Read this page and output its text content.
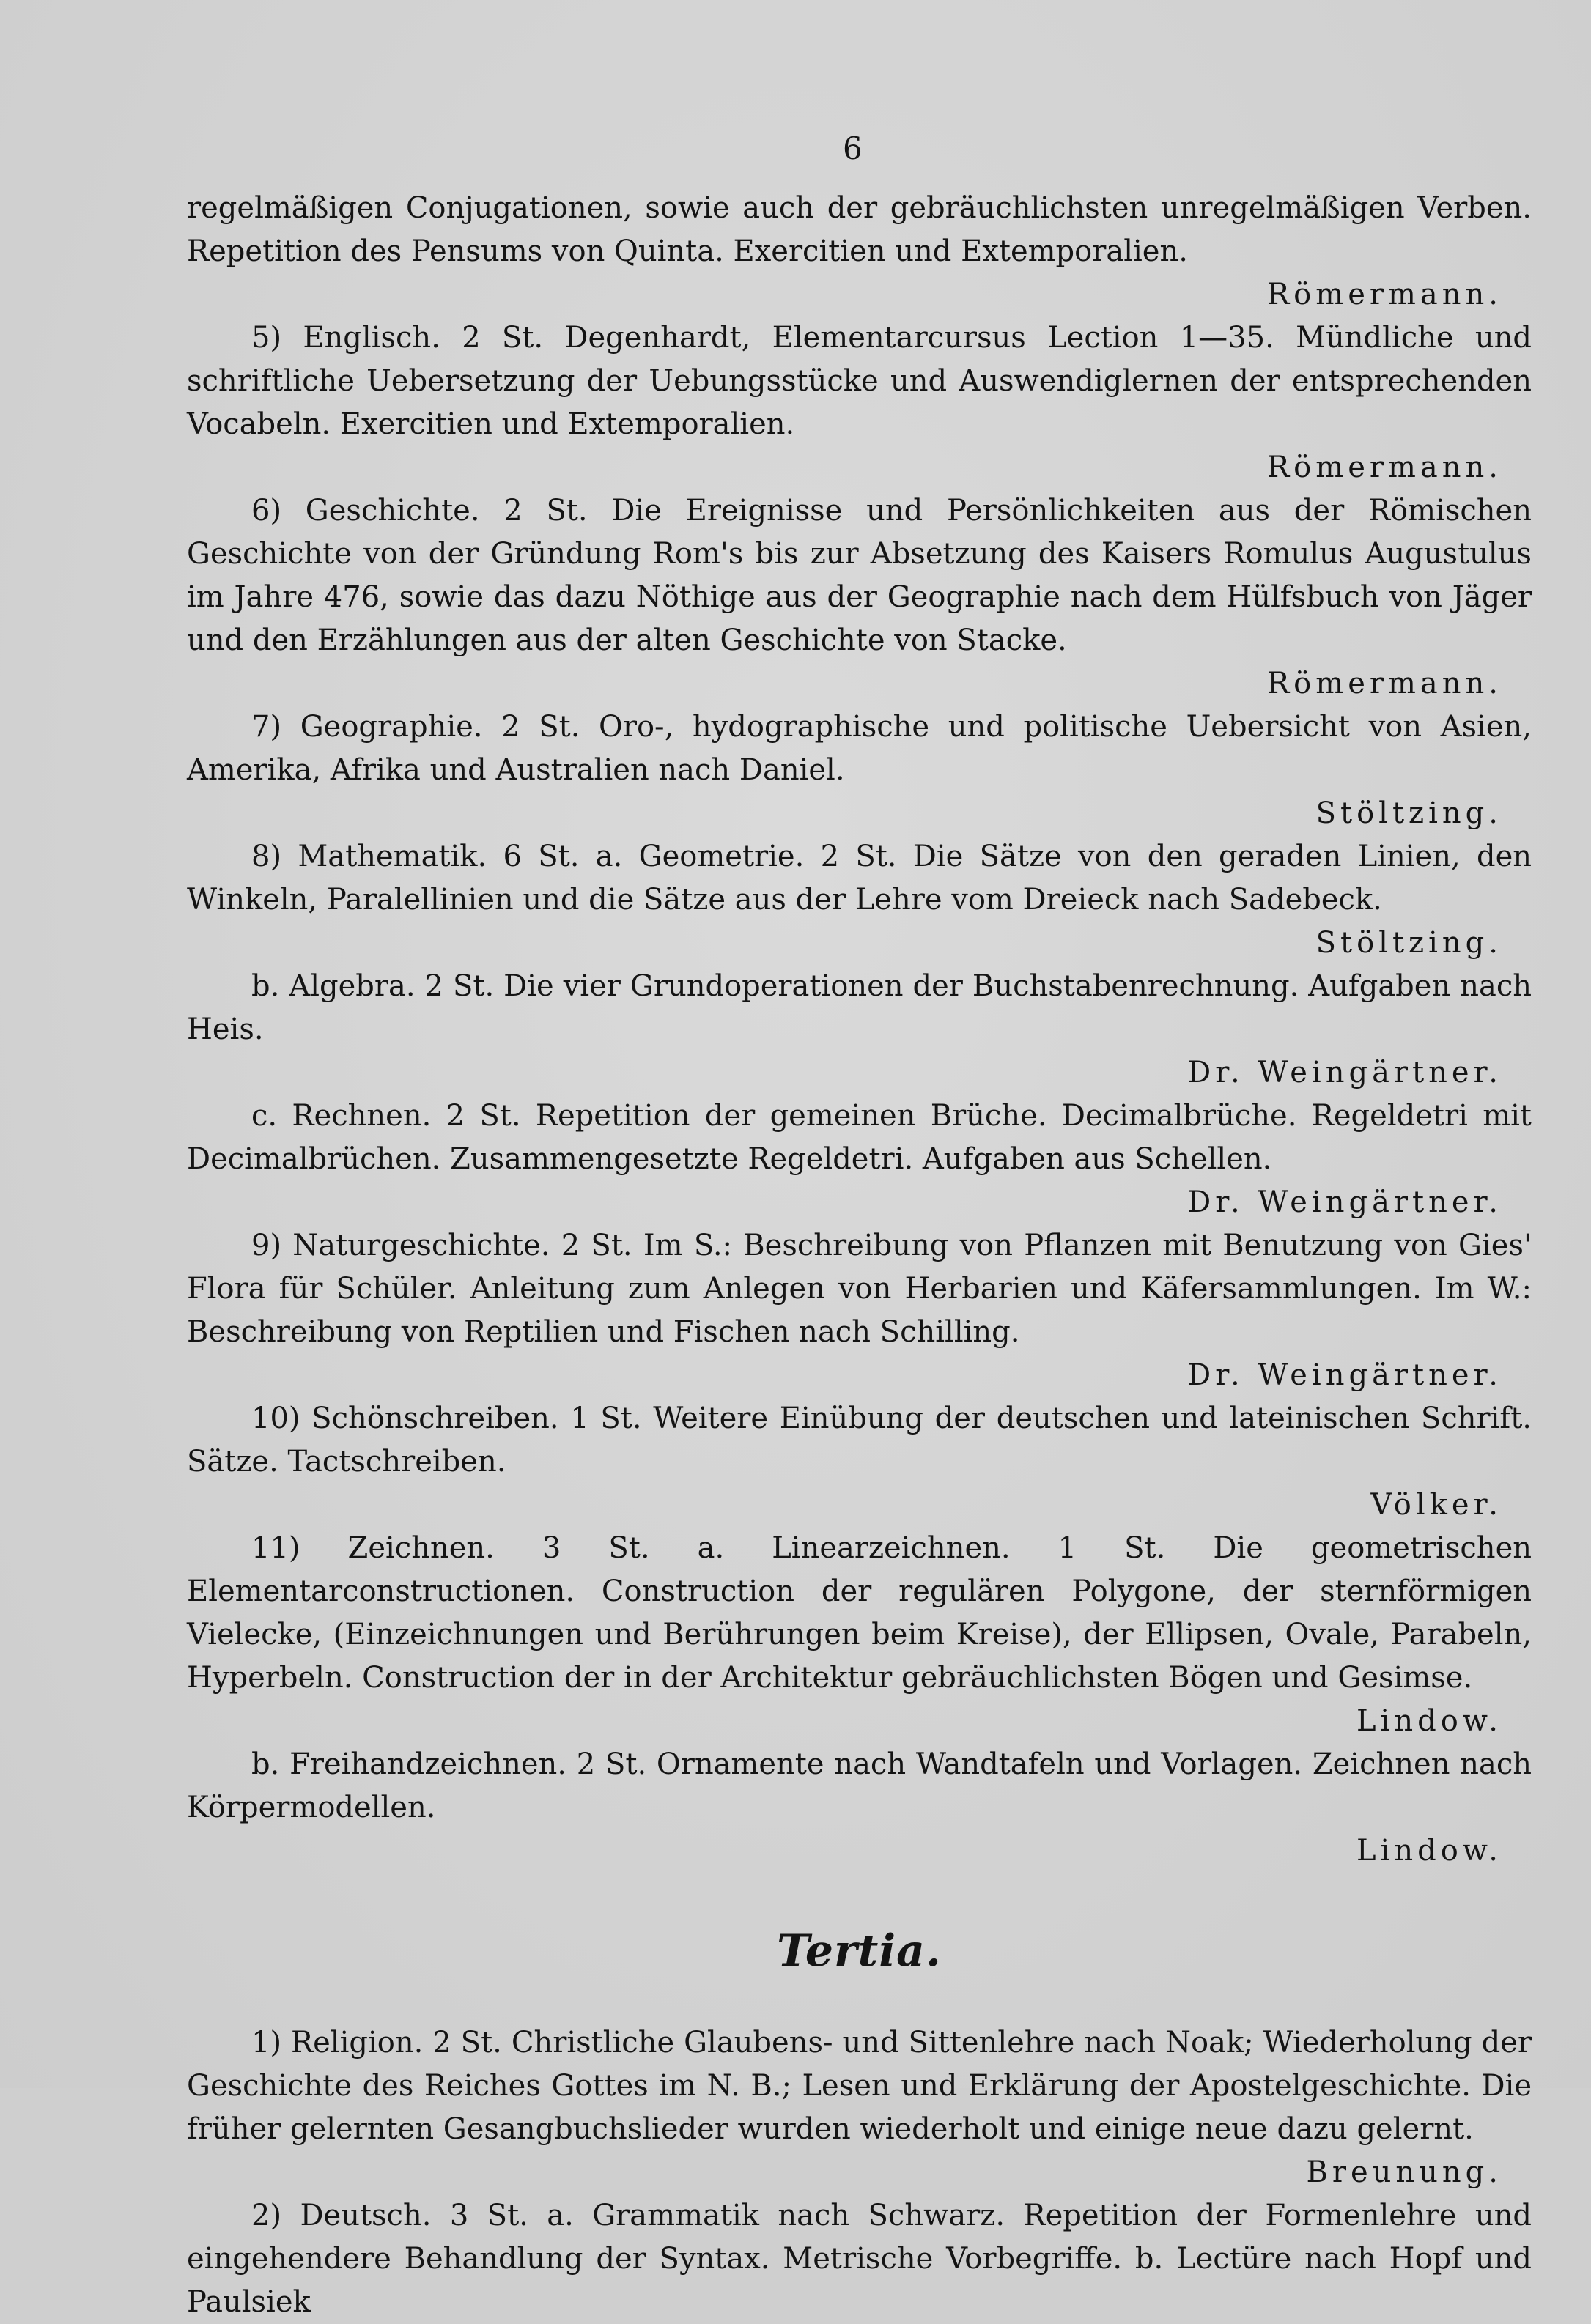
6

regelmäßigen Conjugationen, sowie auch der gebräuchlichsten unregelmäßigen Verben. Repetition des Pensums von Quinta. Exercitien und Extemporalien.
Römermann.

5) Englisch. 2 St. Degenhardt, Elementarcursus Lection 1—35. Mündliche und schriftliche Uebersetzung der Uebungsstücke und Auswendiglernen der entsprechenden Vocabeln. Exercitien und Extemporalien.
Römermann.

6) Geschichte. 2 St. Die Ereignisse und Persönlichkeiten aus der Römischen Geschichte von der Gründung Rom's bis zur Absetzung des Kaisers Romulus Augustulus im Jahre 476, sowie das dazu Nöthige aus der Geographie nach dem Hülfsbuch von Jäger und den Erzählungen aus der alten Geschichte von Stacke.
Römermann.

7) Geographie. 2 St. Oro-, hydographische und politische Uebersicht von Asien, Amerika, Afrika und Australien nach Daniel.
Stöltzing.

8) Mathematik. 6 St. a. Geometrie. 2 St. Die Sätze von den geraden Linien, den Winkeln, Paralellinien und die Sätze aus der Lehre vom Dreieck nach Sadebeck.
Stöltzing.

b. Algebra. 2 St. Die vier Grundoperationen der Buchstabenrechnung. Aufgaben nach Heis.
Dr. Weingärtner.

c. Rechnen. 2 St. Repetition der gemeinen Brüche. Decimalbrüche. Regeldetri mit Decimalbrüchen. Zusammengesetzte Regeldetri. Aufgaben aus Schellen.
Dr. Weingärtner.

9) Naturgeschichte. 2 St. Im S.: Beschreibung von Pflanzen mit Benutzung von Gies' Flora für Schüler. Anleitung zum Anlegen von Herbarien und Käfersammlungen. Im W.: Beschreibung von Reptilien und Fischen nach Schilling.
Dr. Weingärtner.

10) Schönschreiben. 1 St. Weitere Einübung der deutschen und lateinischen Schrift. Sätze. Tactschreiben.
Völker.

11) Zeichnen. 3 St. a. Linearzeichnen. 1 St. Die geometrischen Elementarconstructionen. Construction der regulären Polygone, der sternförmigen Vielecke, (Einzeichnungen und Berührungen beim Kreise), der Ellipsen, Ovale, Parabeln, Hyperbeln. Construction der in der Architektur gebräuchlichsten Bögen und Gesimse.
Lindow.

b. Freihandzeichnen. 2 St. Ornamente nach Wandtafeln und Vorlagen. Zeichnen nach Körpermodellen.
Lindow.

Tertia.

1) Religion. 2 St. Christliche Glaubens- und Sittenlehre nach Noak; Wiederholung der Geschichte des Reiches Gottes im N. B.; Lesen und Erklärung der Apostelgeschichte. Die früher gelernten Gesangbuchslieder wurden wiederholt und einige neue dazu gelernt.
Breunung.

2) Deutsch. 3 St. a. Grammatik nach Schwarz. Repetition der Formenlehre und eingehendere Behandlung der Syntax. Metrische Vorbegriffe. b. Lectüre nach Hopf und Paulsiek
